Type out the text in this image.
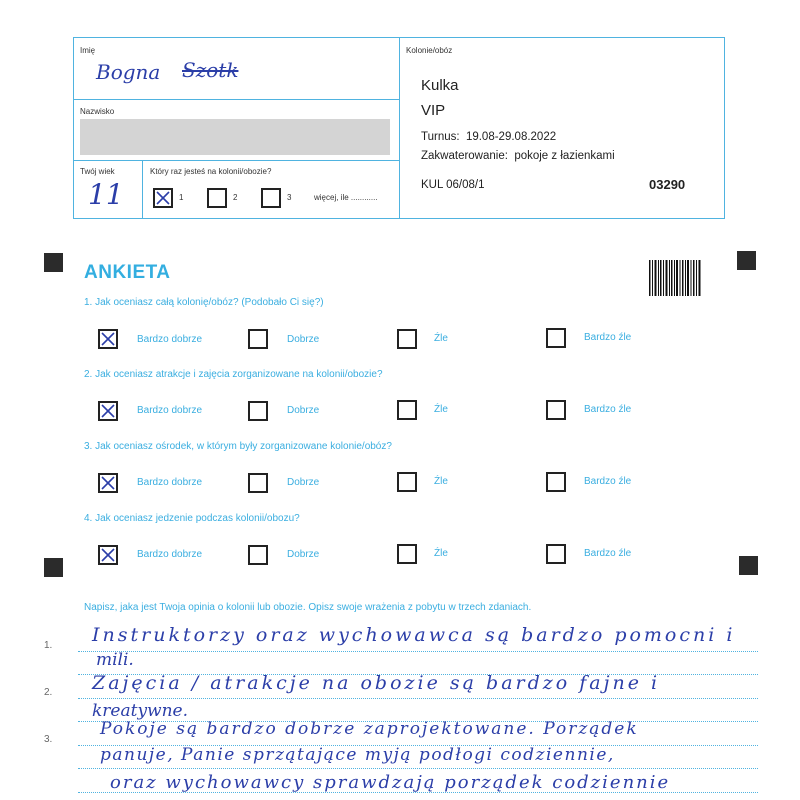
Imię
Bogna Szotk
Nazwisko
Twój wiek
11
Który raz jesteś na kolonii/obozie?
1	2	3	więcej, ile ............
Kolonie/obóz
Kulka
VIP
Turnus:  19.08-29.08.2022
Zakwaterowanie:  pokoje z łazienkami
KUL 06/08/1	03290
ANKIETA
1. Jak oceniasz całą kolonię/obóz? (Podobało Ci się?)
Bardzo dobrze	Dobrze	Źle	Bardzo źle
2. Jak oceniasz atrakcje i zajęcia zorganizowane na kolonii/obozie?
Bardzo dobrze	Dobrze	Źle	Bardzo źle
3. Jak oceniasz ośrodek, w którym były zorganizowane kolonie/obóz?
Bardzo dobrze	Dobrze	Źle	Bardzo źle
4. Jak oceniasz jedzenie podczas kolonii/obozu?
Bardzo dobrze	Dobrze	Źle	Bardzo źle
Napisz, jaka jest Twoja opinia o kolonii lub obozie. Opisz swoje wrażenia z pobytu w trzech zdaniach.
1.
2.
3.
Instruktorzy oraz wychowawca są bardzo pomocni i
mili.
Zajęcia / atrakcje na obozie są bardzo fajne i
kreatywne.
Pokoje są bardzo dobrze zaprojektowane. Porządek
panuje, Panie sprzątające myją podłogi codziennie,
oraz wychowawcy sprawdzają porządek codziennie
